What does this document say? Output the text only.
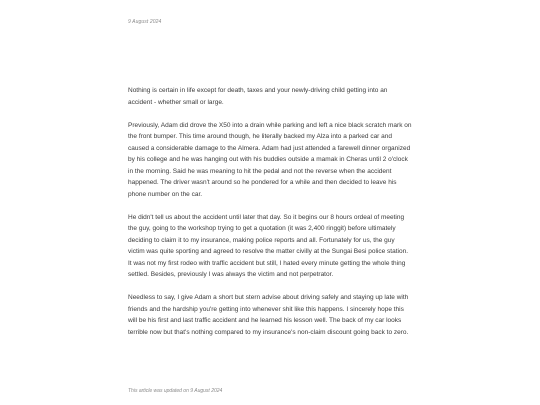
9 August 2024

Nothing is certain in life except for death, taxes and your newly-driving child getting into an accident - whether small or large.

Previously, Adam did drove the X50 into a drain while parking and left a nice black scratch mark on the front bumper. This time around though, he literally backed my Alza into a parked car and caused a considerable damage to the Almera. Adam had just attended a farewell dinner organized by his college and he was hanging out with his buddies outside a mamak in Cheras until 2 o'clock in the morning. Said he was meaning to hit the pedal and not the reverse when the accident happened. The driver wasn't around so he pondered for a while and then decided to leave his phone number on the car.

He didn't tell us about the accident until later that day. So it begins our 8 hours ordeal of meeting the guy, going to the workshop trying to get a quotation (it was 2,400 ringgit) before ultimately deciding to claim it to my insurance, making police reports and all. Fortunately for us, the guy victim was quite sporting and agreed to resolve the matter civilly at the Sungai Besi police station. It was not my first rodeo with traffic accident but still, I hated every minute getting the whole thing settled. Besides, previously I was always the victim and not perpetrator.

Needless to say, I give Adam a short but stern advise about driving safely and staying up late with friends and the hardship you're getting into whenever shit like this happens. I sincerely hope this will be his first and last traffic accident and he learned his lesson well. The back of my car looks terrible now but that's nothing compared to my insurance's non-claim discount going back to zero.

This article was updated on 9 August 2024
